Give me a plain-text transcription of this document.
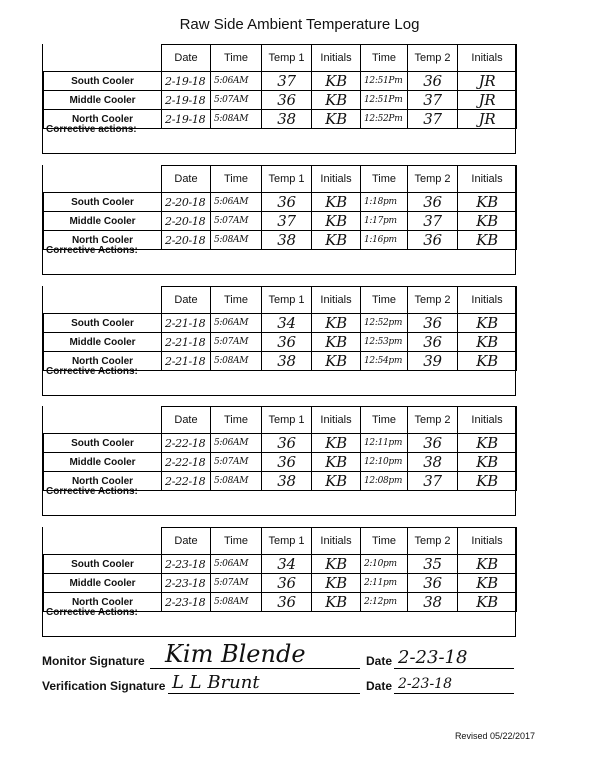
Raw Side Ambient Temperature Log
	Date	Time	Temp 1	Initials	Time	Temp 2	Initials
South Cooler	2-19-18	5:06AM	37	KB	12:51Pm	36	JR
Middle Cooler	2-19-18	5:07AM	36	KB	12:51Pm	37	JR
North Cooler	2-19-18	5:08AM	38	KB	12:52Pm	37	JR
Corrective actions:
	Date	Time	Temp 1	Initials	Time	Temp 2	Initials
South Cooler	2-20-18	5:06AM	36	KB	1:18pm	36	KB
Middle Cooler	2-20-18	5:07AM	37	KB	1:17pm	37	KB
North Cooler	2-20-18	5:08AM	38	KB	1:16pm	36	KB
Corrective Actions:
	Date	Time	Temp 1	Initials	Time	Temp 2	Initials
South Cooler	2-21-18	5:06AM	34	KB	12:52pm	36	KB
Middle Cooler	2-21-18	5:07AM	36	KB	12:53pm	36	KB
North Cooler	2-21-18	5:08AM	38	KB	12:54pm	39	KB
Corrective Actions:
	Date	Time	Temp 1	Initials	Time	Temp 2	Initials
South Cooler	2-22-18	5:06AM	36	KB	12:11pm	36	KB
Middle Cooler	2-22-18	5:07AM	36	KB	12:10pm	38	KB
North Cooler	2-22-18	5:08AM	38	KB	12:08pm	37	KB
Corrective Actions:
	Date	Time	Temp 1	Initials	Time	Temp 2	Initials
South Cooler	2-23-18	5:06AM	34	KB	2:10pm	35	KB
Middle Cooler	2-23-18	5:07AM	36	KB	2:11pm	36	KB
North Cooler	2-23-18	5:08AM	36	KB	2:12pm	38	KB
Corrective Actions:
Monitor Signature Kim Blende	Date 2-23-18
Verification Signature L L Brunt	Date 2-23-18
Revised 05/22/2017
